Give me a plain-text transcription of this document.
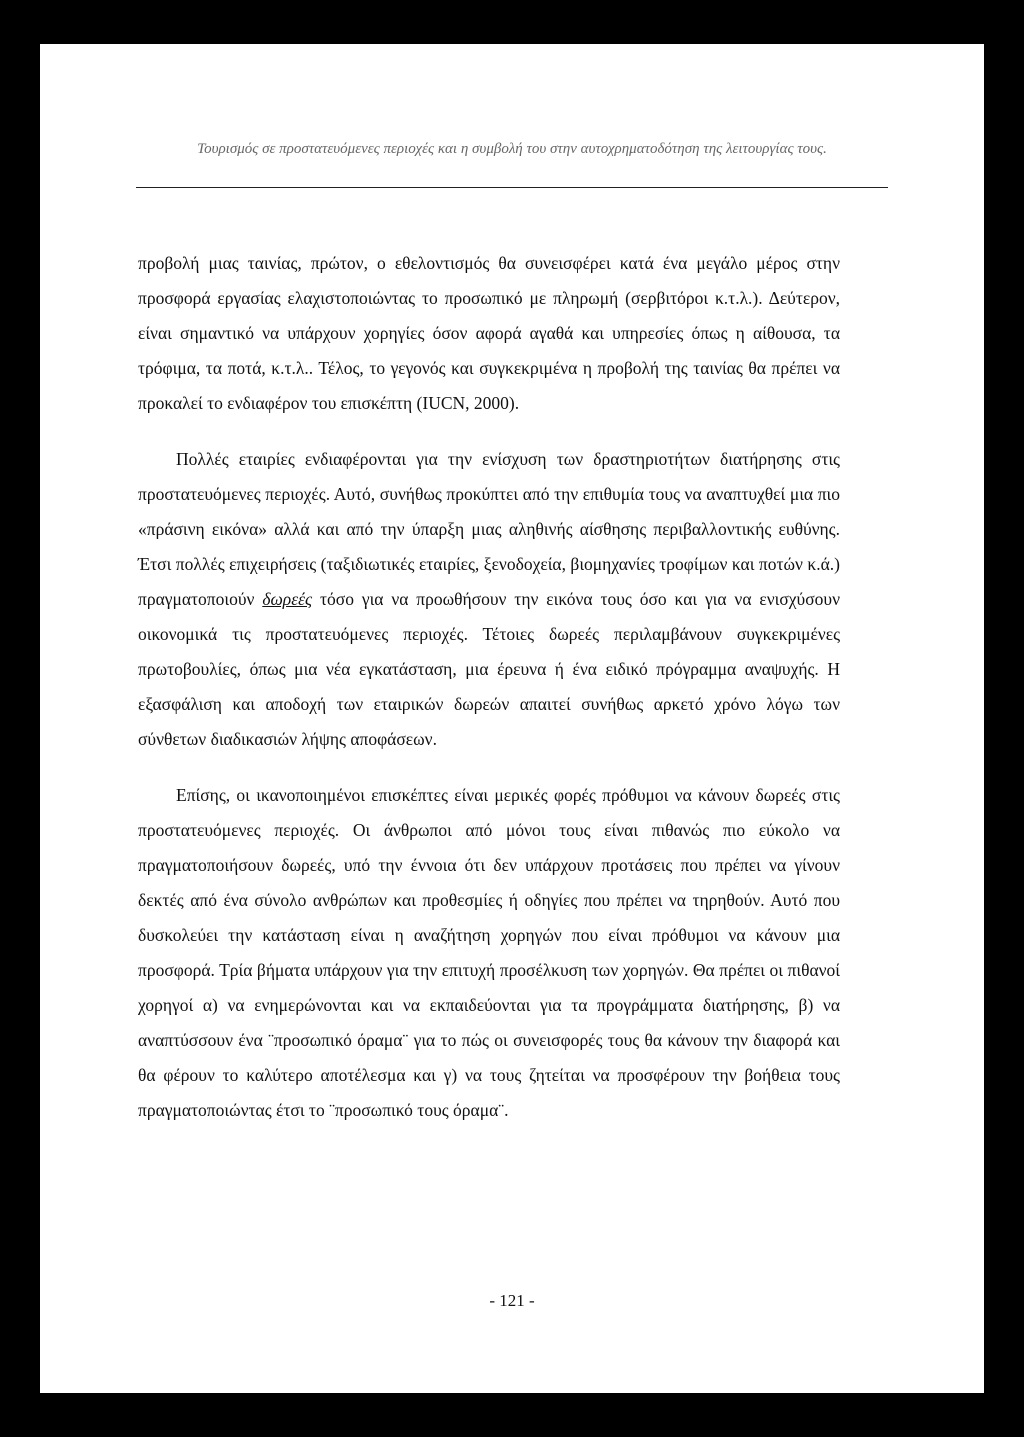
Τουρισμός σε προστατευόμενες περιοχές και η συμβολή του στην αυτοχρηματοδότηση της λειτουργίας τους.

προβολή μιας ταινίας, πρώτον, ο εθελοντισμός θα συνεισφέρει κατά ένα μεγάλο μέρος στην προσφορά εργασίας ελαχιστοποιώντας το προσωπικό με πληρωμή (σερβιτόροι κ.τ.λ.). Δεύτερον, είναι σημαντικό να υπάρχουν χορηγίες όσον αφορά αγαθά και υπηρεσίες όπως η αίθουσα, τα τρόφιμα, τα ποτά, κ.τ.λ.. Τέλος, το γεγονός και συγκεκριμένα η προβολή της ταινίας θα πρέπει να προκαλεί το ενδιαφέρον του επισκέπτη (IUCN, 2000).

Πολλές εταιρίες ενδιαφέρονται για την ενίσχυση των δραστηριοτήτων διατήρησης στις προστατευόμενες περιοχές. Αυτό, συνήθως προκύπτει από την επιθυμία τους να αναπτυχθεί μια πιο «πράσινη εικόνα» αλλά και από την ύπαρξη μιας αληθινής αίσθησης περιβαλλοντικής ευθύνης. Έτσι πολλές επιχειρήσεις (ταξιδιωτικές εταιρίες, ξενοδοχεία, βιομηχανίες τροφίμων και ποτών κ.ά.) πραγματοποιούν δωρεές τόσο για να προωθήσουν την εικόνα τους όσο και για να ενισχύσουν οικονομικά τις προστατευόμενες περιοχές. Τέτοιες δωρεές περιλαμβάνουν συγκεκριμένες πρωτοβουλίες, όπως μια νέα εγκατάσταση, μια έρευνα ή ένα ειδικό πρόγραμμα αναψυχής. Η εξασφάλιση και αποδοχή των εταιρικών δωρεών απαιτεί συνήθως αρκετό χρόνο λόγω των σύνθετων διαδικασιών λήψης αποφάσεων.

Επίσης, οι ικανοποιημένοι επισκέπτες είναι μερικές φορές πρόθυμοι να κάνουν δωρεές στις προστατευόμενες περιοχές. Οι άνθρωποι από μόνοι τους είναι πιθανώς πιο εύκολο να πραγματοποιήσουν δωρεές, υπό την έννοια ότι δεν υπάρχουν προτάσεις που πρέπει να γίνουν δεκτές από ένα σύνολο ανθρώπων και προθεσμίες ή οδηγίες που πρέπει να τηρηθούν. Αυτό που δυσκολεύει την κατάσταση είναι η αναζήτηση χορηγών που είναι πρόθυμοι να κάνουν μια προσφορά. Τρία βήματα υπάρχουν για την επιτυχή προσέλκυση των χορηγών. Θα πρέπει οι πιθανοί χορηγοί α) να ενημερώνονται και να εκπαιδεύονται για τα προγράμματα διατήρησης, β) να αναπτύσσουν ένα ¨προσωπικό όραμα¨ για το πώς οι συνεισφορές τους θα κάνουν την διαφορά και θα φέρουν το καλύτερο αποτέλεσμα και γ) να τους ζητείται να προσφέρουν την βοήθεια τους πραγματοποιώντας έτσι το ¨προσωπικό τους όραμα¨.

- 121 -
